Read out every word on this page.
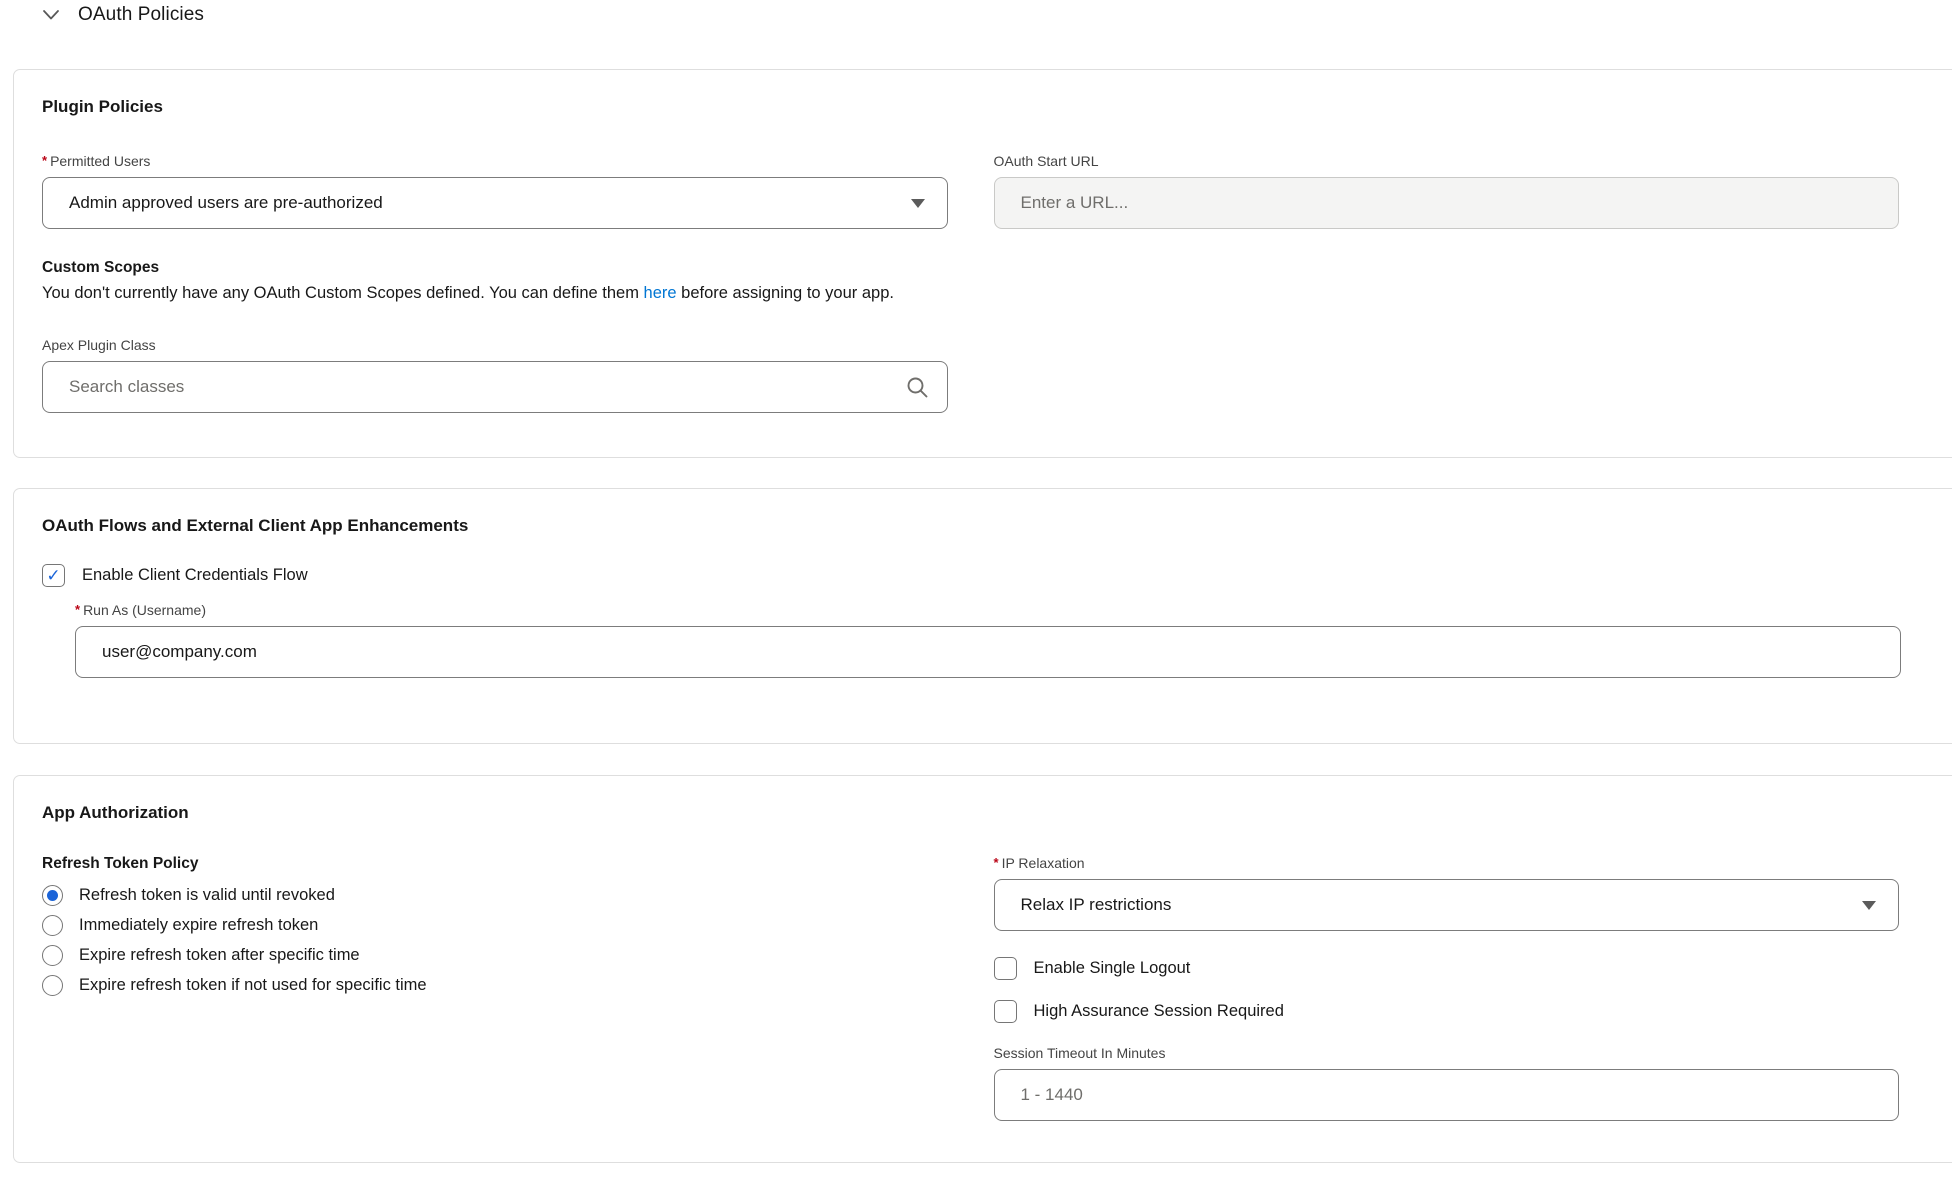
OAuth Policies
Plugin Policies
* Permitted Users
Admin approved users are pre-authorized
OAuth Start URL
Enter a URL...
Custom Scopes
You don't currently have any OAuth Custom Scopes defined. You can define them here before assigning to your app.
Apex Plugin Class
Search classes
OAuth Flows and External Client App Enhancements
✓
Enable Client Credentials Flow
* Run As (Username)
user@company.com
App Authorization
Refresh Token Policy
Refresh token is valid until revoked
Immediately expire refresh token
Expire refresh token after specific time
Expire refresh token if not used for specific time
* IP Relaxation
Relax IP restrictions
Enable Single Logout
High Assurance Session Required
Session Timeout In Minutes
1 - 1440
